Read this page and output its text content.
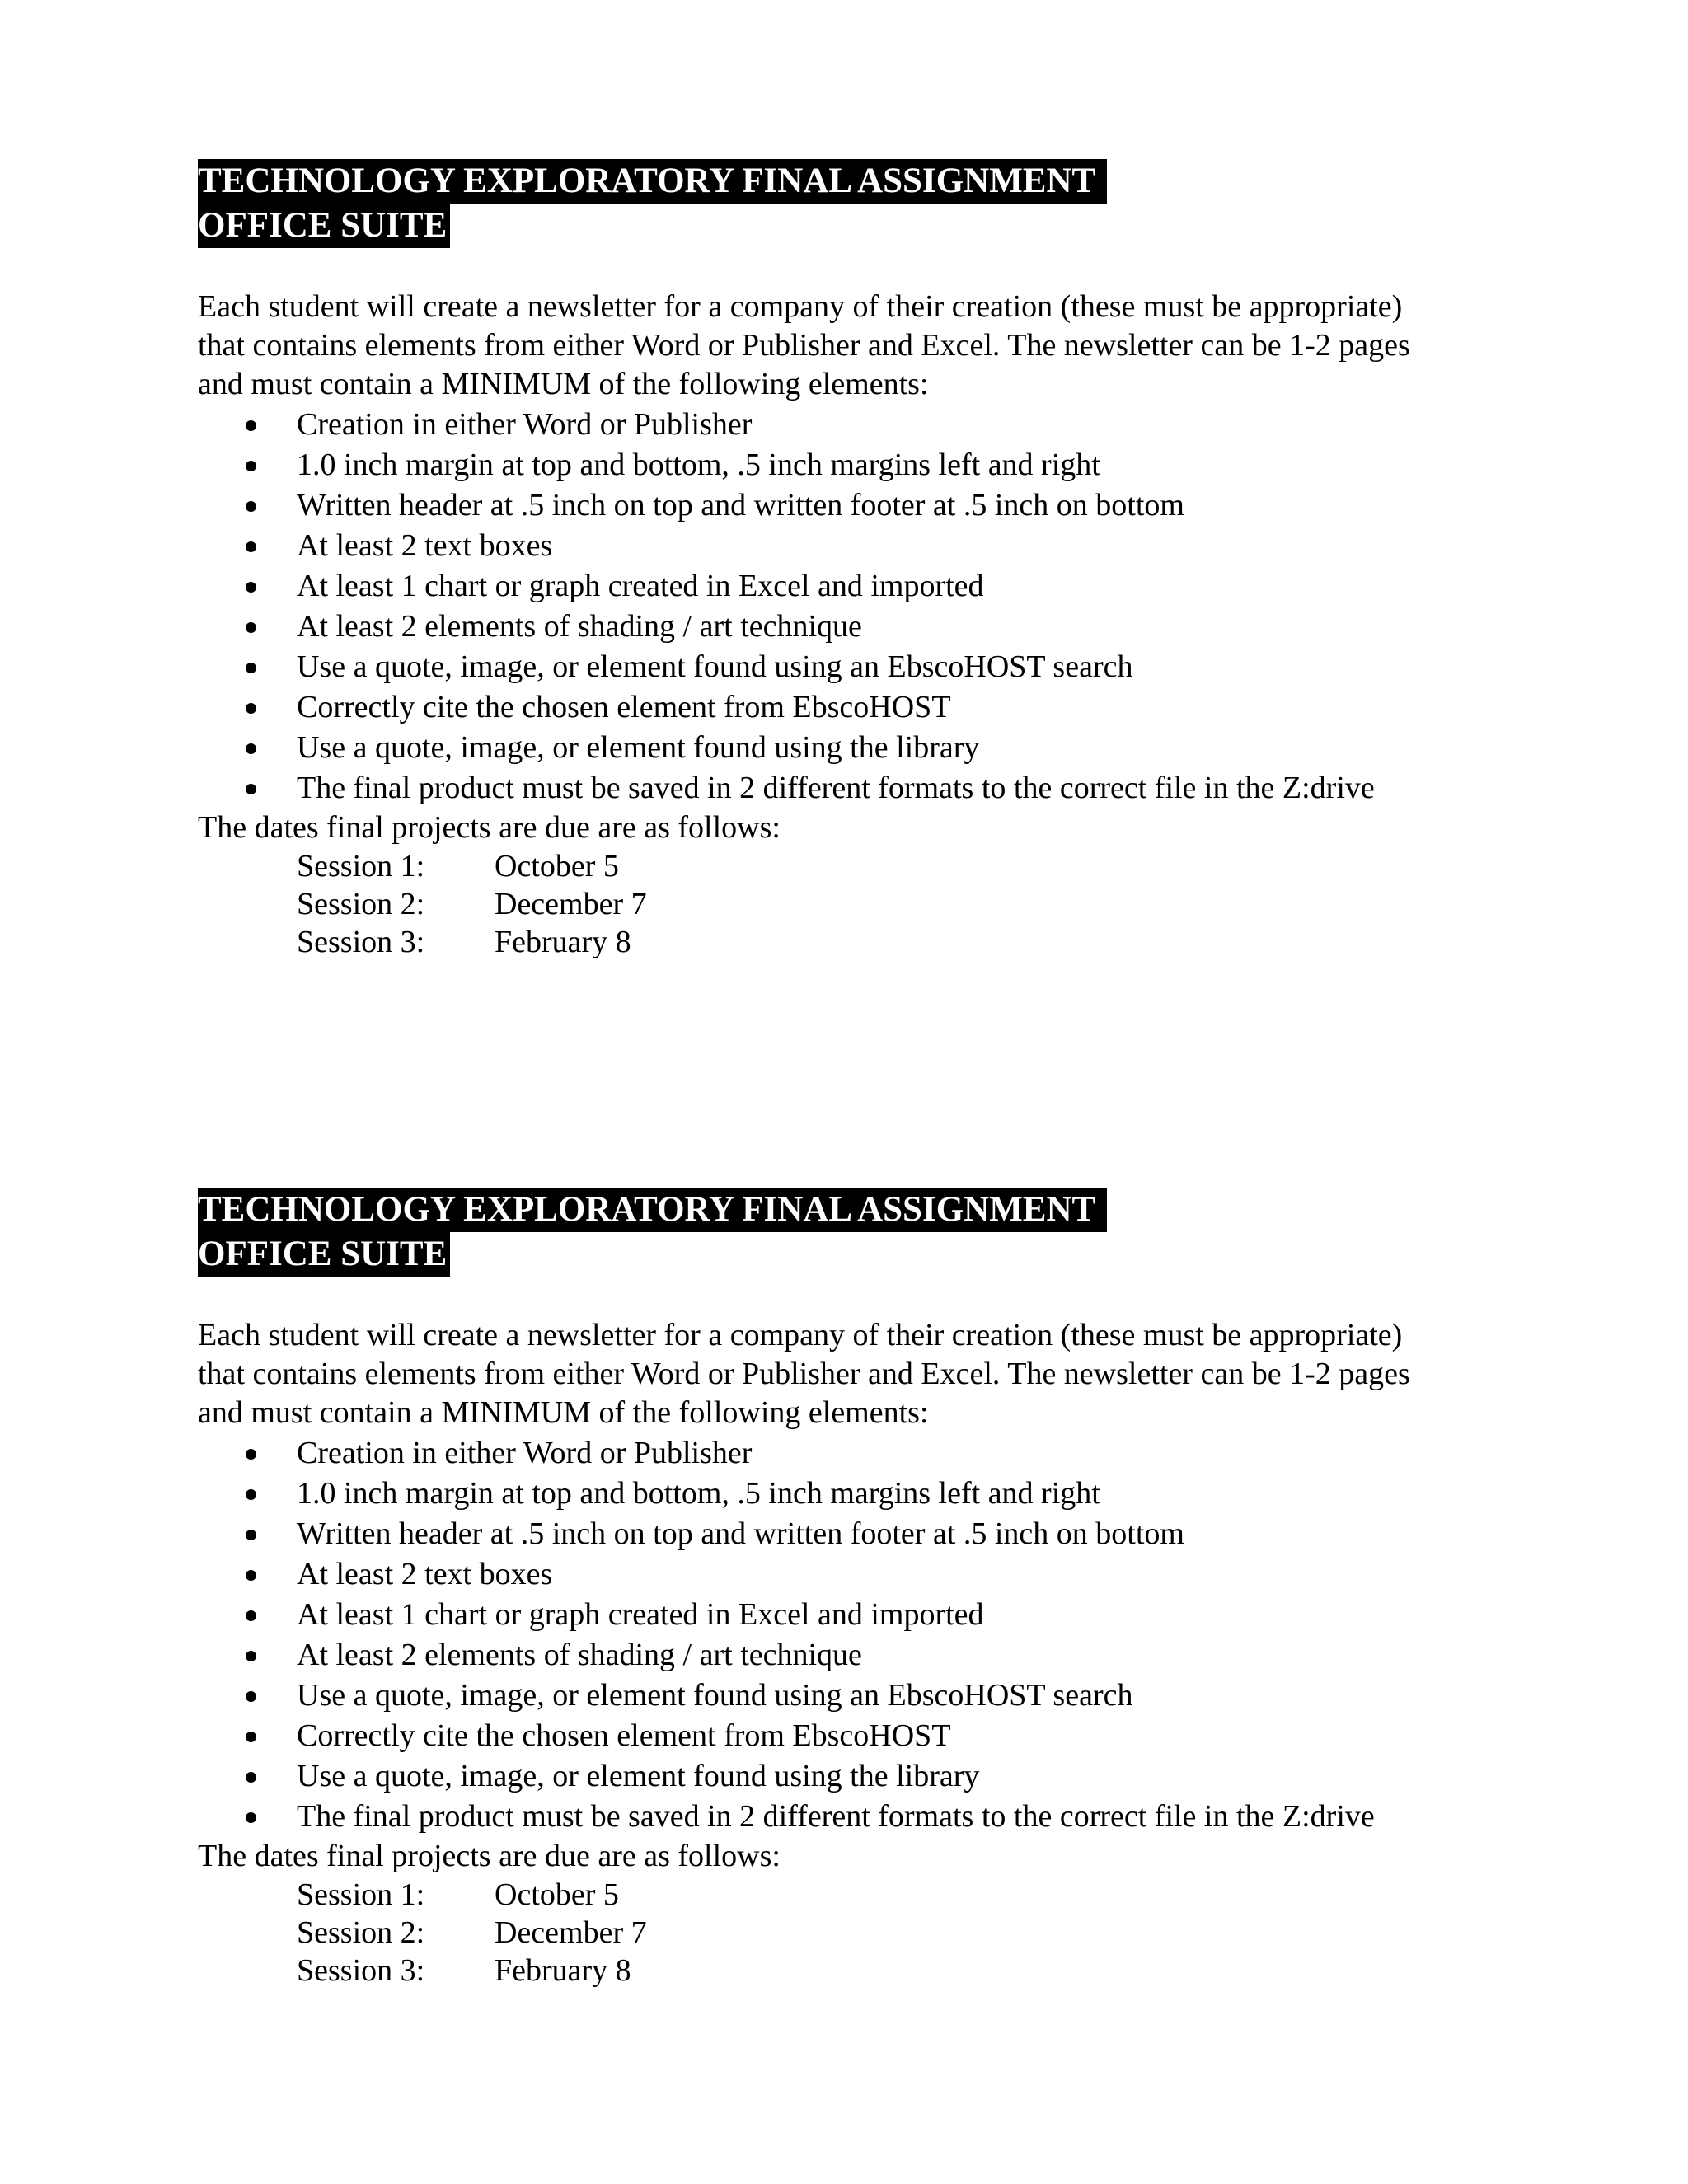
TECHNOLOGY EXPLORATORY FINAL ASSIGNMENT
OFFICE SUITE
Each student will create a newsletter for a company of their creation (these must be appropriate)
that contains elements from either Word or Publisher and Excel. The newsletter can be 1-2 pages
and must contain a MINIMUM of the following elements:
Creation in either Word or Publisher
1.0 inch margin at top and bottom, .5 inch margins left and right
Written header at .5 inch on top and written footer at .5 inch on bottom
At least 2 text boxes
At least 1 chart or graph created in Excel and imported
At least 2 elements of shading / art technique
Use a quote, image, or element found using an EbscoHOST search
Correctly cite the chosen element from EbscoHOST
Use a quote, image, or element found using the library
The final product must be saved in 2 different formats to the correct file in the Z:drive
The dates final projects are due are as follows:
Session 1:	October 5
Session 2:	December 7
Session 3:	February 8
TECHNOLOGY EXPLORATORY FINAL ASSIGNMENT
OFFICE SUITE
Each student will create a newsletter for a company of their creation (these must be appropriate)
that contains elements from either Word or Publisher and Excel. The newsletter can be 1-2 pages
and must contain a MINIMUM of the following elements:
Creation in either Word or Publisher
1.0 inch margin at top and bottom, .5 inch margins left and right
Written header at .5 inch on top and written footer at .5 inch on bottom
At least 2 text boxes
At least 1 chart or graph created in Excel and imported
At least 2 elements of shading / art technique
Use a quote, image, or element found using an EbscoHOST search
Correctly cite the chosen element from EbscoHOST
Use a quote, image, or element found using the library
The final product must be saved in 2 different formats to the correct file in the Z:drive
The dates final projects are due are as follows:
Session 1:	October 5
Session 2:	December 7
Session 3:	February 8
